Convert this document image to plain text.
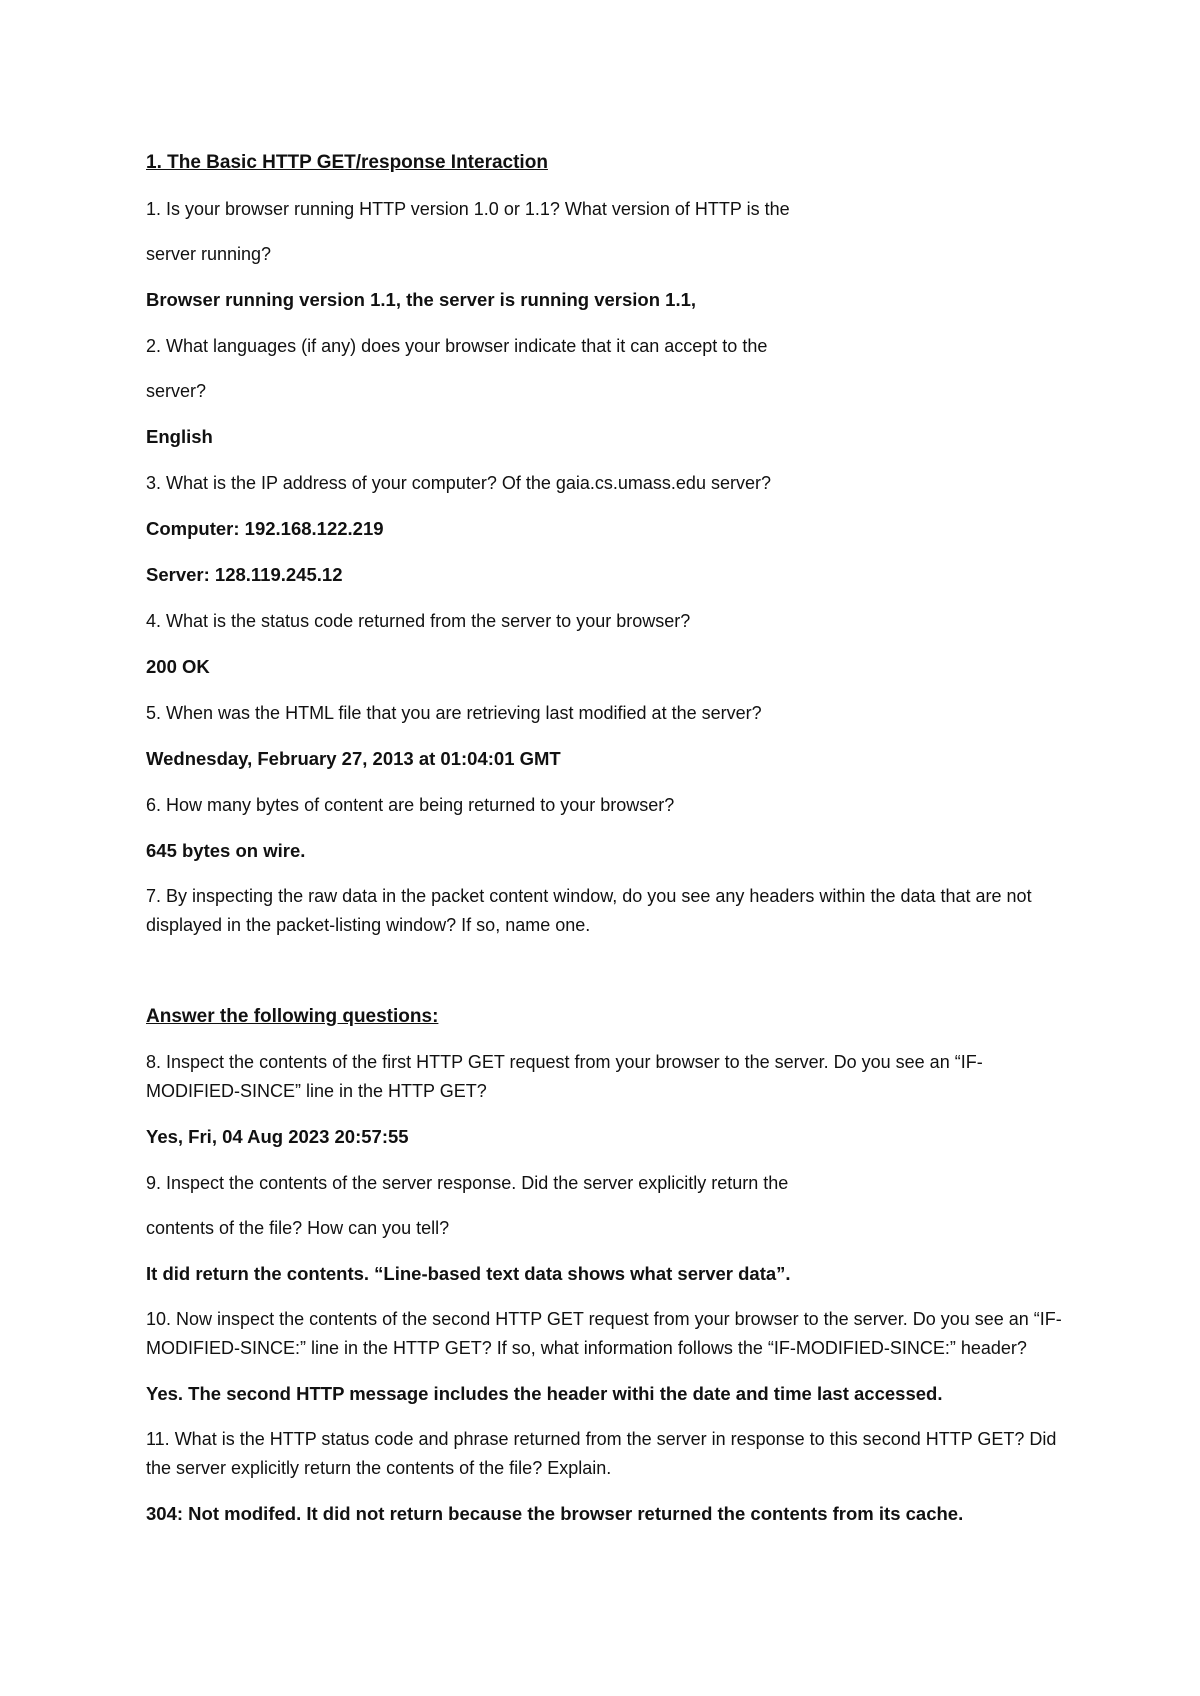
1. The Basic HTTP GET/response Interaction

1. Is your browser running HTTP version 1.0 or 1.1? What version of HTTP is the
server running?

Browser running version 1.1, the server is running version 1.1,

2. What languages (if any) does your browser indicate that it can accept to the
server?

English

3. What is the IP address of your computer? Of the gaia.cs.umass.edu server?

Computer: 192.168.122.219

Server: 128.119.245.12

4. What is the status code returned from the server to your browser?

200 OK

5. When was the HTML file that you are retrieving last modified at the server?

Wednesday, February 27, 2013 at 01:04:01 GMT

6. How many bytes of content are being returned to your browser?

645 bytes on wire.

7. By inspecting the raw data in the packet content window, do you see any headers within the data that are not displayed in the packet-listing window? If so, name one.

Answer the following questions:

8. Inspect the contents of the first HTTP GET request from your browser to the server. Do you see an “IF-MODIFIED-SINCE” line in the HTTP GET?

Yes, Fri, 04 Aug 2023 20:57:55

9. Inspect the contents of the server response. Did the server explicitly return the
contents of the file? How can you tell?

It did return the contents. “Line-based text data shows what server data”.

10. Now inspect the contents of the second HTTP GET request from your browser to the server. Do you see an “IF-MODIFIED-SINCE:” line in the HTTP GET? If so, what information follows the “IF-MODIFIED-SINCE:” header?

Yes. The second HTTP message includes the header withi the date and time last accessed.

11. What is the HTTP status code and phrase returned from the server in response to this second HTTP GET? Did the server explicitly return the contents of the file? Explain.

304: Not modifed. It did not return because the browser returned the contents from its cache.
